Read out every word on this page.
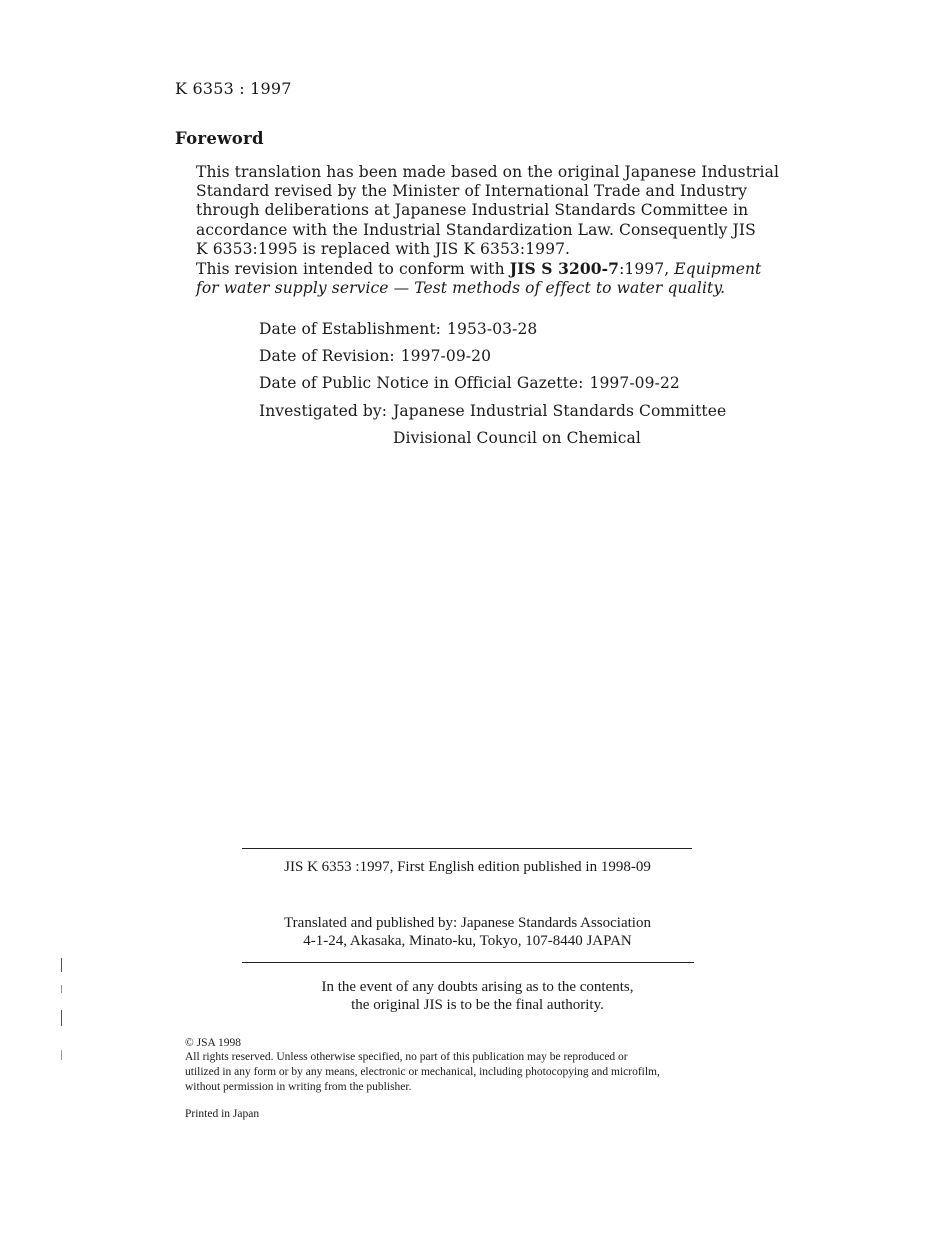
K 6353 : 1997
Foreword
This translation has been made based on the original Japanese Industrial
Standard revised by the Minister of International Trade and Industry
through deliberations at Japanese Industrial Standards Committee in
accordance with the Industrial Standardization Law. Consequently JIS
K 6353:1995 is replaced with JIS K 6353:1997.
This revision intended to conform with JIS S 3200-7:1997, Equipment
for water supply service — Test methods of effect to water quality.
Date of Establishment: 1953-03-28
Date of Revision: 1997-09-20
Date of Public Notice in Official Gazette: 1997-09-22
Investigated by: Japanese Industrial Standards Committee
Divisional Council on Chemical
JIS K 6353 :1997, First English edition published in 1998-09
Translated and published by: Japanese Standards Association
4-1-24, Akasaka, Minato-ku, Tokyo, 107-8440 JAPAN
In the event of any doubts arising as to the contents,
the original JIS is to be the final authority.
© JSA 1998
All rights reserved. Unless otherwise specified, no part of this publication may be reproduced or
utilized in any form or by any means, electronic or mechanical, including photocopying and microfilm,
without permission in writing from the publisher.
Printed in Japan
